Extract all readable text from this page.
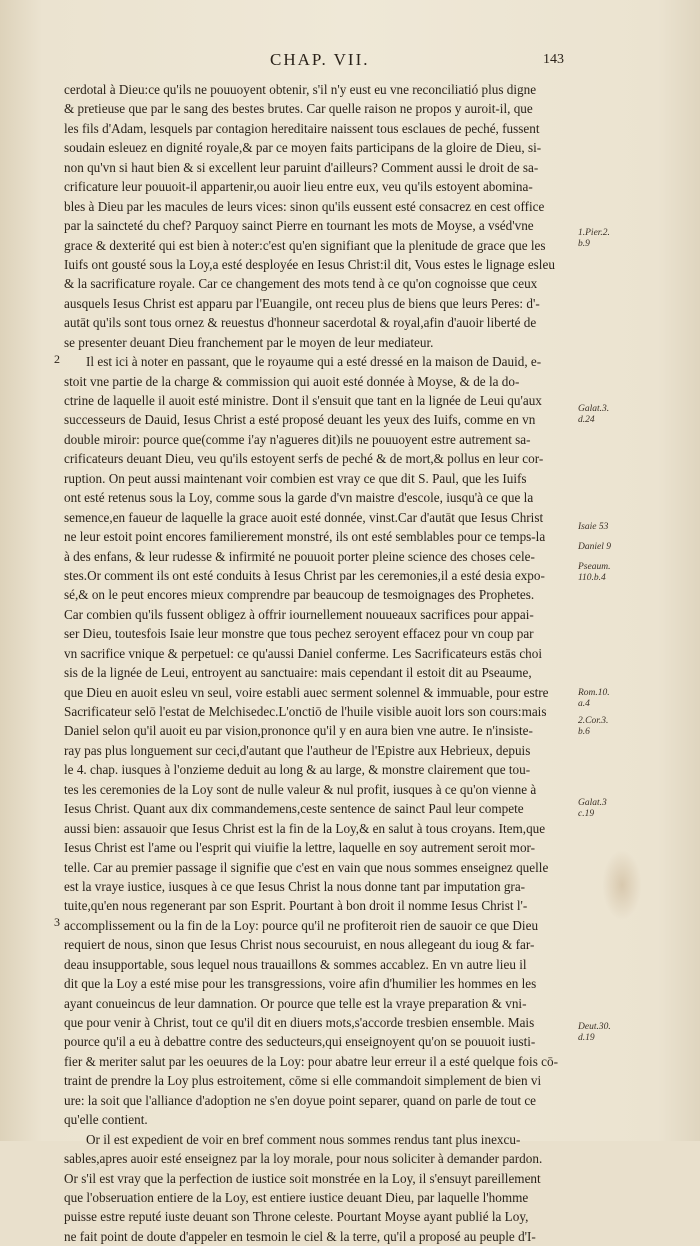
CHAP. VII.	143
cerdotal à Dieu:ce qu'ils ne pouuoyent obtenir, s'il n'y eust eu vne reconciliatió plus digne
& pretieuse que par le sang des bestes brutes. Car quelle raison ne propos y auroit-il, que
les fils d'Adam, lesquels par contagion hereditaire naissent tous esclaues de peché, fussent
soudain esleuez en dignité royale,& par ce moyen faits participans de la gloire de Dieu, si-
non qu'vn si haut bien & si excellent leur paruint d'ailleurs? Comment aussi le droit de sa-
crificature leur pouuoit-il appartenir,ou auoir lieu entre eux, veu qu'ils estoyent abomina-
bles à Dieu par les macules de leurs vices: sinon qu'ils eussent esté consacrez en cest office
par la saincteté du chef? Parquoy sainct Pierre en tournant les mots de Moyse, a vséd'vne
grace & dexterité qui est bien à noter:c'est qu'en signifiant que la plenitude de grace que les
Iuifs ont gousté sous la Loy,a esté desployée en Iesus Christ:il dit, Vous estes le lignage esleu
& la sacrificature royale. Car ce changement des mots tend à ce qu'on cognoisse que ceux
ausquels Iesus Christ est apparu par l'Euangile, ont receu plus de biens que leurs Peres: d'-
autāt qu'ils sont tous ornez & reuestus d'honneur sacerdotal & royal,afin d'auoir liberté de
se presenter deuant Dieu franchement par le moyen de leur mediateur.
Il est ici à noter en passant, que le royaume qui a esté dressé en la maison de Dauid, e-
stoit vne partie de la charge & commission qui auoit esté donnée à Moyse, & de la do-
ctrine de laquelle il auoit esté ministre. Dont il s'ensuit que tant en la lignée de Leui qu'aux
successeurs de Dauid, Iesus Christ a esté proposé deuant les yeux des Iuifs, comme en vn
double miroir: pource que(comme i'ay n'agueres dit)ils ne pouuoyent estre autrement sa-
crificateurs deuant Dieu, veu qu'ils estoyent serfs de peché & de mort,& pollus en leur cor-
ruption. On peut aussi maintenant voir combien est vray ce que dit S. Paul, que les Iuifs
ont esté retenus sous la Loy, comme sous la garde d'vn maistre d'escole, iusqu'à ce que la
semence,en faueur de laquelle la grace auoit esté donnée, vinst.Car d'autāt que Iesus Christ
ne leur estoit point encores familierement monstré, ils ont esté semblables pour ce temps-la
à des enfans, & leur rudesse & infirmité ne pouuoit porter pleine science des choses cele-
stes.Or comment ils ont esté conduits à Iesus Christ par les ceremonies,il a esté desia expo-
sé,& on le peut encores mieux comprendre par beaucoup de tesmoignages des Prophetes.
Car combien qu'ils fussent obligez à offrir iournellement nouueaux sacrifices pour appai-
ser Dieu, toutesfois Isaie leur monstre que tous pechez seroyent effacez pour vn coup par
vn sacrifice vnique & perpetuel: ce qu'aussi Daniel conferme. Les Sacrificateurs estās choi
sis de la lignée de Leui, entroyent au sanctuaire: mais cependant il estoit dit au Pseaume,
que Dieu en auoit esleu vn seul, voire establi auec serment solennel & immuable, pour estre
Sacrificateur selō l'estat de Melchisedec.L'onctiō de l'huile visible auoit lors son cours:mais
Daniel selon qu'il auoit eu par vision,prononce qu'il y en aura bien vne autre. Ie n'insiste-
ray pas plus longuement sur ceci,d'autant que l'autheur de l'Epistre aux Hebrieux, depuis
le 4. chap. iusques à l'onzieme deduit au long & au large, & monstre clairement que tou-
tes les ceremonies de la Loy sont de nulle valeur & nul profit, iusques à ce qu'on vienne à
Iesus Christ. Quant aux dix commandemens,ceste sentence de sainct Paul leur compete
aussi bien: assauoir que Iesus Christ est la fin de la Loy,& en salut à tous croyans. Item,que
Iesus Christ est l'ame ou l'esprit qui viuifie la lettre, laquelle en soy autrement seroit mor-
telle. Car au premier passage il signifie que c'est en vain que nous sommes enseignez quelle
est la vraye iustice, iusques à ce que Iesus Christ la nous donne tant par imputation gra-
tuite,qu'en nous regenerant par son Esprit. Pourtant à bon droit il nomme Iesus Christ l'-
accomplissement ou la fin de la Loy: pource qu'il ne profiteroit rien de sauoir ce que Dieu
requiert de nous, sinon que Iesus Christ nous secouruist, en nous allegeant du ioug & far-
deau insupportable, sous lequel nous trauaillons & sommes accablez. En vn autre lieu il
dit que la Loy a esté mise pour les transgressions, voire afin d'humilier les hommes en les
ayant conueincus de leur damnation. Or pource que telle est la vraye preparation & vni-
que pour venir à Christ, tout ce qu'il dit en diuers mots,s'accorde tresbien ensemble. Mais
pource qu'il a eu à debattre contre des seducteurs,qui enseignoyent qu'on se pouuoit iusti-
fier & meriter salut par les oeuures de la Loy: pour abatre leur erreur il a esté quelque fois cō-
traint de prendre la Loy plus estroitement, cōme si elle commandoit simplement de bien vi
ure: la soit que l'alliance d'adoption ne s'en doyue point separer, quand on parle de tout ce
qu'elle contient.
Or il est expedient de voir en bref comment nous sommes rendus tant plus inexcu-
sables,apres auoir esté enseignez par la loy morale, pour nous soliciter à demander pardon.
Or s'il est vray que la perfection de iustice soit monstrée en la Loy, il s'ensuyt pareillement
que l'obseruation entiere de la Loy, est entiere iustice deuant Dieu, par laquelle l'homme
puisse estre reputé iuste deuant son Throne celeste. Pourtant Moyse ayant publié la Loy,
ne fait point de doute d'appeler en tesmoin le ciel & la terre, qu'il a proposé au peuple d'I-
2
3
1.Pier.2.
b.9
Galat.3.
d.24
Isaie 53
Daniel 9
Pseaum.
110.b.4
Rom.10.
a.4
2.Cor.3.
b.6
Galat.3
c.19
Deut.30.
d.19
